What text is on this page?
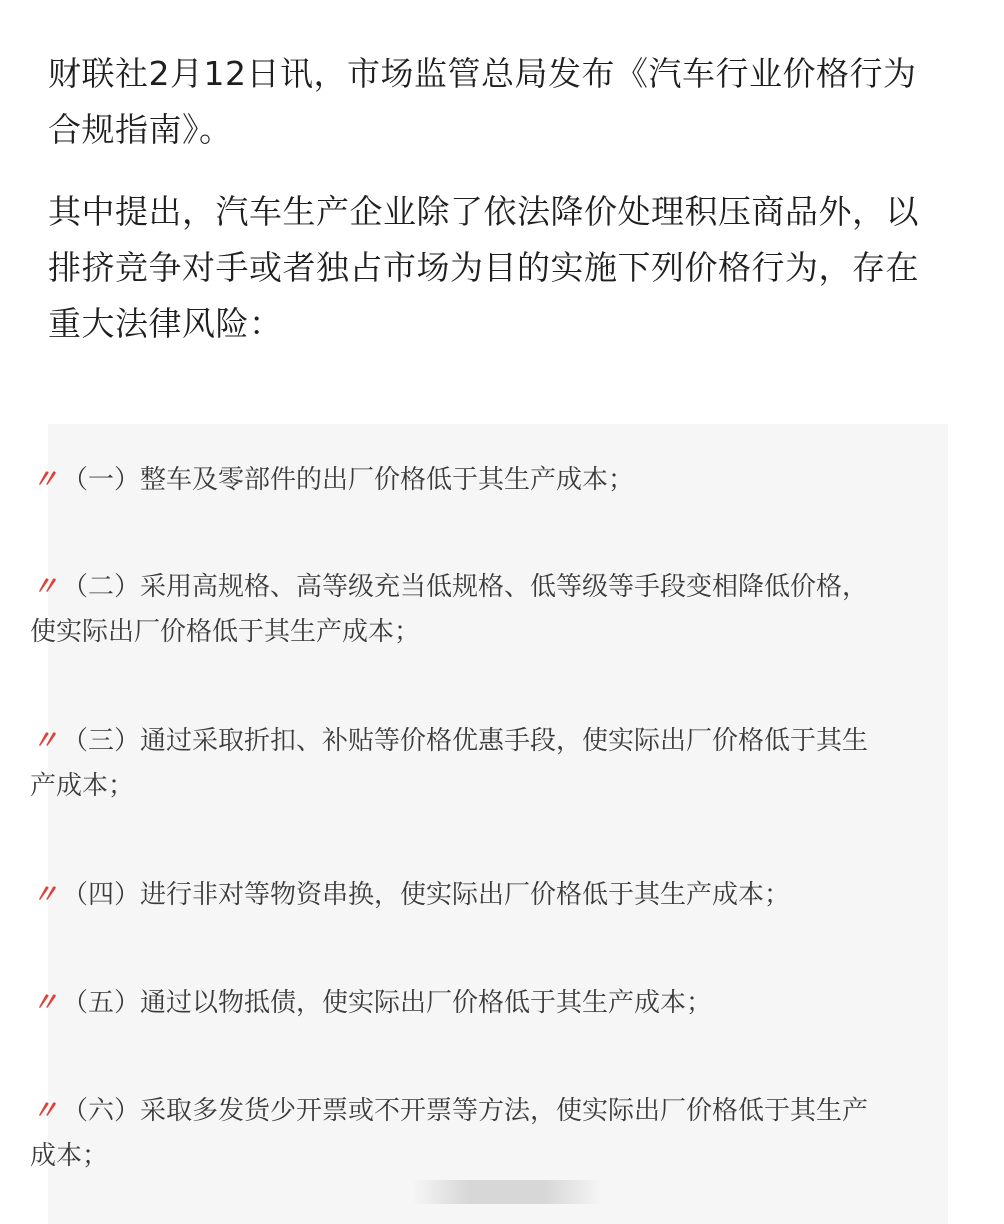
财联社2月12日讯，市场监管总局发布《汽车行业价格行为合规指南》。

其中提出，汽车生产企业除了依法降价处理积压商品外，以排挤竞争对手或者独占市场为目的实施下列价格行为，存在重大法律风险：

〃 （一）整车及零部件的出厂价格低于其生产成本；
〃 （二）采用高规格、高等级充当低规格、低等级等手段变相降低价格，使实际出厂价格低于其生产成本；
〃 （三）通过采取折扣、补贴等价格优惠手段，使实际出厂价格低于其生产成本；
〃 （四）进行非对等物资串换，使实际出厂价格低于其生产成本；
〃 （五）通过以物抵债，使实际出厂价格低于其生产成本；
〃 （六）采取多发货少开票或不开票等方法，使实际出厂价格低于其生产成本；
